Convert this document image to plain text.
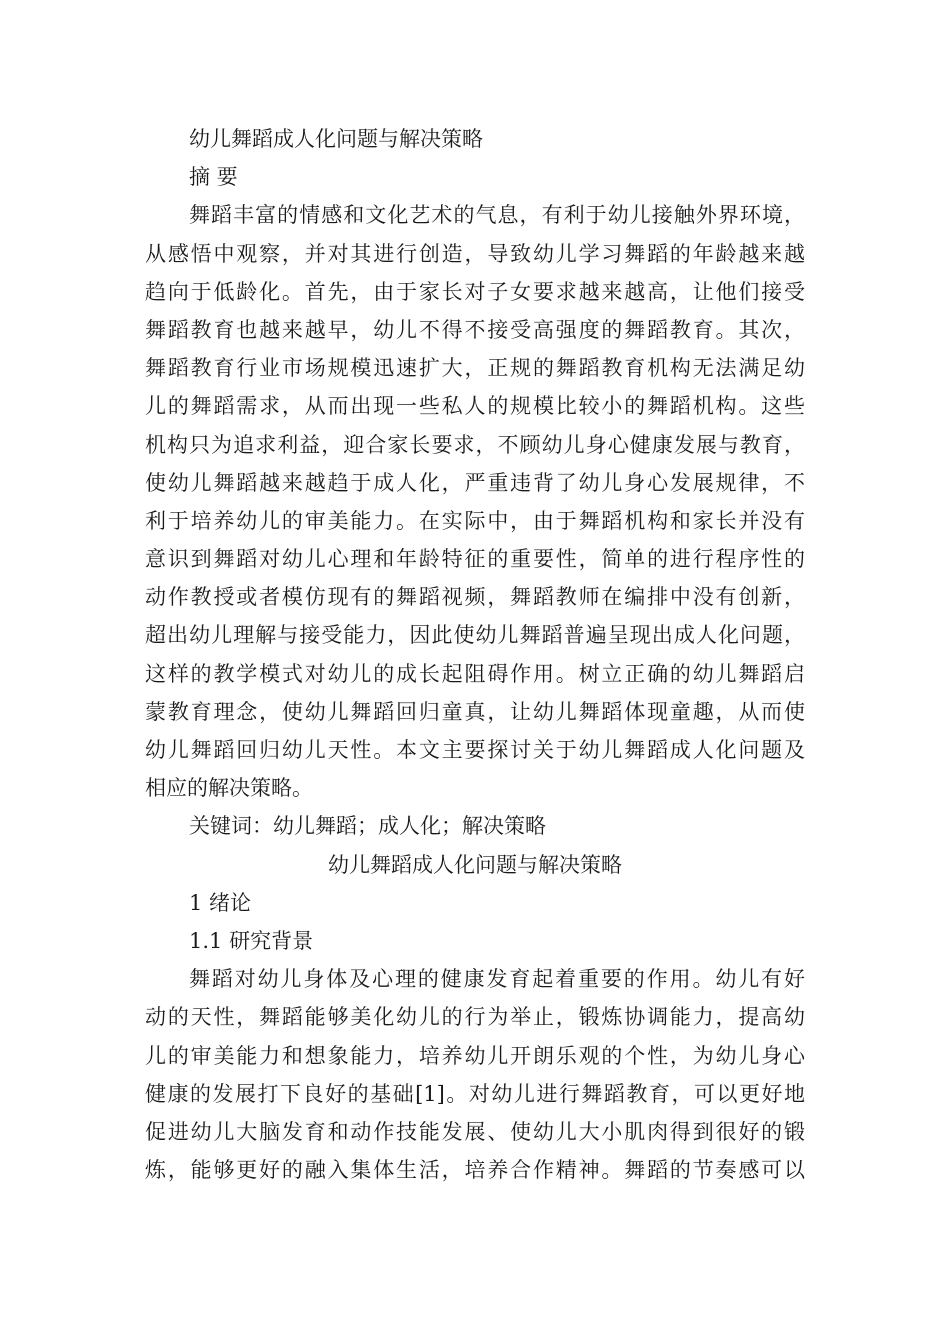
幼儿舞蹈成人化问题与解决策略
摘 要
舞蹈丰富的情感和文化艺术的气息，有利于幼儿接触外界环境，
从感悟中观察，并对其进行创造，导致幼儿学习舞蹈的年龄越来越
趋向于低龄化。首先，由于家长对子女要求越来越高，让他们接受
舞蹈教育也越来越早，幼儿不得不接受高强度的舞蹈教育。其次，
舞蹈教育行业市场规模迅速扩大，正规的舞蹈教育机构无法满足幼
儿的舞蹈需求，从而出现一些私人的规模比较小的舞蹈机构。这些
机构只为追求利益，迎合家长要求，不顾幼儿身心健康发展与教育，
使幼儿舞蹈越来越趋于成人化，严重违背了幼儿身心发展规律，不
利于培养幼儿的审美能力。在实际中，由于舞蹈机构和家长并没有
意识到舞蹈对幼儿心理和年龄特征的重要性，简单的进行程序性的
动作教授或者模仿现有的舞蹈视频，舞蹈教师在编排中没有创新，
超出幼儿理解与接受能力，因此使幼儿舞蹈普遍呈现出成人化问题，
这样的教学模式对幼儿的成长起阻碍作用。树立正确的幼儿舞蹈启
蒙教育理念，使幼儿舞蹈回归童真，让幼儿舞蹈体现童趣，从而使
幼儿舞蹈回归幼儿天性。本文主要探讨关于幼儿舞蹈成人化问题及
相应的解决策略。
关键词：幼儿舞蹈；成人化；解决策略
幼儿舞蹈成人化问题与解决策略
1 绪论
1.1 研究背景
舞蹈对幼儿身体及心理的健康发育起着重要的作用。幼儿有好
动的天性，舞蹈能够美化幼儿的行为举止，锻炼协调能力，提高幼
儿的审美能力和想象能力，培养幼儿开朗乐观的个性，为幼儿身心
健康的发展打下良好的基础[1]。对幼儿进行舞蹈教育，可以更好地
促进幼儿大脑发育和动作技能发展、使幼儿大小肌肉得到很好的锻
炼，能够更好的融入集体生活，培养合作精神。舞蹈的节奏感可以
